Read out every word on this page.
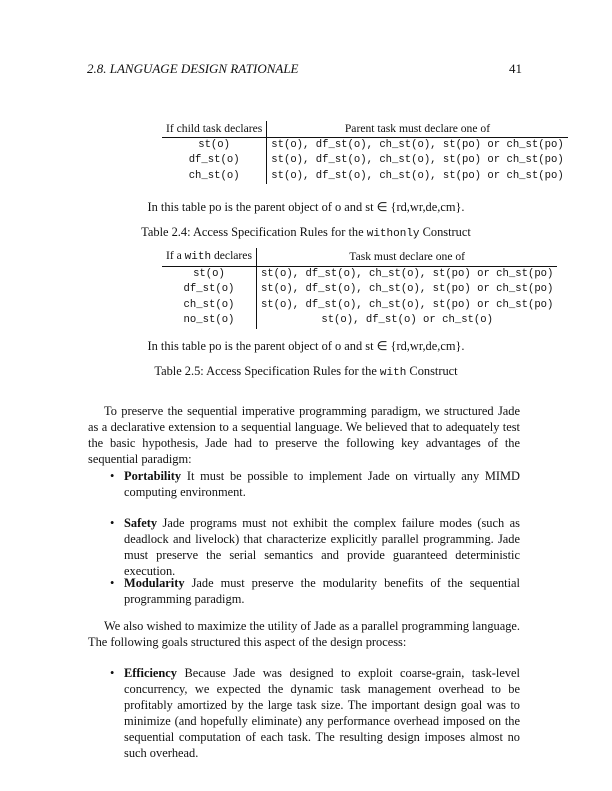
2.8. LANGUAGE DESIGN RATIONALE	41
If child task declares	Parent task must declare one of
st(o)	st(o), df_st(o), ch_st(o), st(po) or ch_st(po)
df_st(o)	st(o), df_st(o), ch_st(o), st(po) or ch_st(po)
ch_st(o)	st(o), df_st(o), ch_st(o), st(po) or ch_st(po)
In this table po is the parent object of o and st ∈ {rd,wr,de,cm}.
Table 2.4: Access Specification Rules for the withonly Construct
If a with declares	Task must declare one of
st(o)	st(o), df_st(o), ch_st(o), st(po) or ch_st(po)
df_st(o)	st(o), df_st(o), ch_st(o), st(po) or ch_st(po)
ch_st(o)	st(o), df_st(o), ch_st(o), st(po) or ch_st(po)
no_st(o)	st(o), df_st(o) or ch_st(o)
In this table po is the parent object of o and st ∈ {rd,wr,de,cm}.
Table 2.5: Access Specification Rules for the with Construct
To preserve the sequential imperative programming paradigm, we structured Jade as a declarative extension to a sequential language. We believed that to adequately test the basic hypothesis, Jade had to preserve the following key advantages of the sequential paradigm:
• Portability It must be possible to implement Jade on virtually any MIMD computing environment.
• Safety Jade programs must not exhibit the complex failure modes (such as deadlock and livelock) that characterize explicitly parallel programming. Jade must preserve the serial semantics and provide guaranteed deterministic execution.
• Modularity Jade must preserve the modularity benefits of the sequential programming paradigm.
We also wished to maximize the utility of Jade as a parallel programming language. The following goals structured this aspect of the design process:
• Efficiency Because Jade was designed to exploit coarse-grain, task-level concurrency, we expected the dynamic task management overhead to be profitably amortized by the large task size. The important design goal was to minimize (and hopefully eliminate) any performance overhead imposed on the sequential computation of each task. The resulting design imposes almost no such overhead.
